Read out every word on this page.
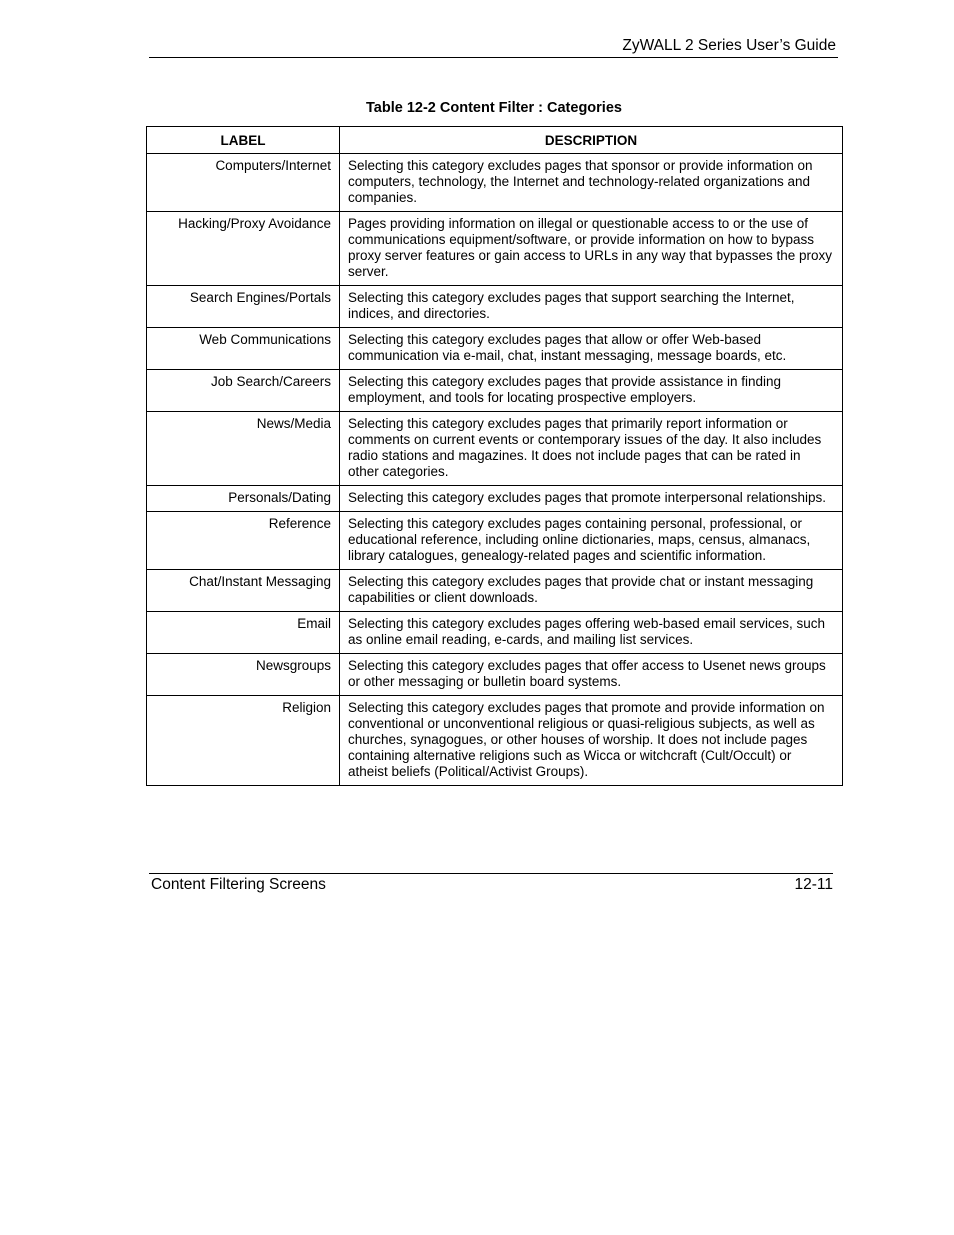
ZyWALL 2 Series User’s Guide
Table 12-2 Content Filter : Categories
LABEL	DESCRIPTION
Computers/Internet	Selecting this category excludes pages that sponsor or provide information on computers, technology, the Internet and technology-related organizations and companies.
Hacking/Proxy Avoidance	Pages providing information on illegal or questionable access to or the use of communications equipment/software, or provide information on how to bypass proxy server features or gain access to URLs in any way that bypasses the proxy server.
Search Engines/Portals	Selecting this category excludes pages that support searching the Internet, indices, and directories.
Web Communications	Selecting this category excludes pages that allow or offer Web-based communication via e-mail, chat, instant messaging, message boards, etc.
Job Search/Careers	Selecting this category excludes pages that provide assistance in finding employment, and tools for locating prospective employers.
News/Media	Selecting this category excludes pages that primarily report information or comments on current events or contemporary issues of the day. It also includes radio stations and magazines. It does not include pages that can be rated in other categories.
Personals/Dating	Selecting this category excludes pages that promote interpersonal relationships.
Reference	Selecting this category excludes pages containing personal, professional, or educational reference, including online dictionaries, maps, census, almanacs, library catalogues, genealogy-related pages and scientific information.
Chat/Instant Messaging	Selecting this category excludes pages that provide chat or instant messaging capabilities or client downloads.
Email	Selecting this category excludes pages offering web-based email services, such as online email reading, e-cards, and mailing list services.
Newsgroups	Selecting this category excludes pages that offer access to Usenet news groups or other messaging or bulletin board systems.
Religion	Selecting this category excludes pages that promote and provide information on conventional or unconventional religious or quasi-religious subjects, as well as churches, synagogues, or other houses of worship. It does not include pages containing alternative religions such as Wicca or witchcraft (Cult/Occult) or atheist beliefs (Political/Activist Groups).
Content Filtering Screens	12-11
